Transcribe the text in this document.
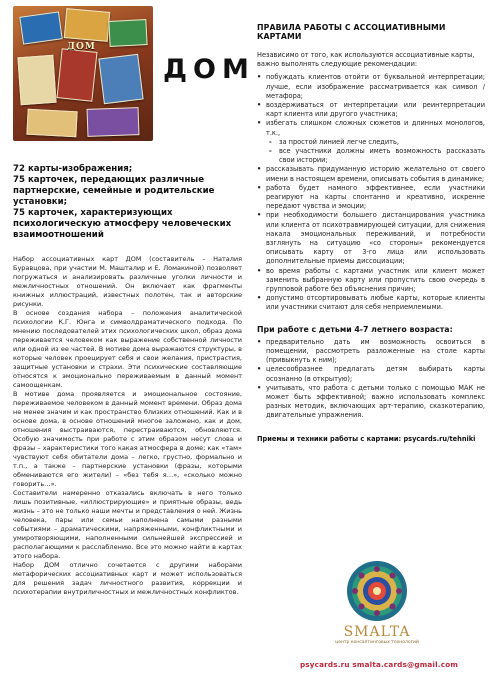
ДОМ
ДОМ

72 карты-изображения;

75 карточек, передающих различные партнерские, семейные и родительские установки;

75 карточек, характеризующих психологическую атмосферу человеческих взаимоотношений

Набор ассоциативных карт ДОМ (составитель – Наталия Буравцова, при участии М. Машталир и Е. Ломакиной) позволяет погружаться и анализировать различные уголки личности и межличностных отношений. Он включает как фрагменты книжных иллюстраций, известных полотен, так и авторские рисунки.

В основе создания набора – положения аналитической психологии К.Г. Юнга и символдраматического подхода. По мнению последователей этих психологических школ, образ дома переживается человеком как выражение собственной личности или одной из ее частей. В мотиве дома выражаются структуры, в которые человек проецирует себя и свои желания, пристрастия, защитные установки и страхи. Эти психические составляющие относятся к эмоционально переживаемым в данный момент самоощенкам.

В мотиве дома проявляется и эмоциональное состояние, переживаемое человеком в данный момент времени. Образ дома не менее значим и как пространство близких отношений. Как и в основе дома, в основе отношений многое заложено, как и дом, отношения выстраиваются, перестраиваются, обновляются. Особую значимость при работе с этим образом несут слова и фразы – характеристики того какая атмосфера в доме; как «там» чувствуют себя обитатели дома – легко, грустно, формально и т.п., а также – партнерские установки (фразы, которыми обмениваются его жители) – «без тебя я…», «сколько можно говорить…».

Составители намеренно отказались включать в него только лишь позитивные, «иллюстрирующие» и приятные образы, ведь жизнь – это не только наши мечты и представления о ней. Жизнь человека, пары или семьи наполнена самыми разными событиями – драматическими, напряженными, конфликтными и умиротворяющими, наполненными сильнейшей экспрессией и располагающими к расслаблению. Все это можно найти в картах этого набора.

Набор ДОМ отлично сочетается с другими наборами метафорических ассоциативных карт и может использоваться для решения задач личностного развития, коррекции и психотерапии внутриличностных и межличностных конфликтов.

ПРАВИЛА РАБОТЫ С АССОЦИАТИВНЫМИ КАРТАМИ
Независимо от того, как используются ассоциативные карты, важно выполнять следующие рекомендации:
• побуждать клиентов отойти от буквальной интерпретации; лучше, если изображение рассматривается как символ / метафора;
• воздерживаться от интерпретации или реинтерпретации карт клиента или другого участника;
• избегать слишком сложных сюжетов и длинных монологов, т.к.,
- за простой линией легче следить,
- все участники должны иметь возможность рассказать свои истории;
• рассказывать придуманную историю желательно от своего имени в настоящем времени, описывать события в динамике;
• работа будет намного эффективнее, если участники реагируют на карты спонтанно и креативно, искренне передают чувства и эмоции;
• при необходимости большего дистанцирования участника или клиента от психотравмирующей ситуации, для снижения накала эмоциональных переживаний, и потребности взглянуть на ситуацию «со стороны» рекомендуется описывать карту от 3-го лица или использовать дополнительные приемы диссоциации;
• во время работы с картами участник или клиент может заменить выбранную карту или пропустить свою очередь в групповой работе без объяснения причин;
• допустимо отсортировывать любые карты, которые клиенты или участники считают для себя неприемлемыми.
При работе с детьми 4-7 летнего возраста:
• предварительно дать им возможность освоиться в помещении, рассмотреть разложенные на столе карты (привыкнуть к ним);
• целесообразнее предлагать детям выбирать карты осознанно (в открытую);
• учитывать, что работа с детьми только с помощью МАК не может быть эффективной; важно использовать комплекс разных методик, включающих арт-терапию, сказкотерапию, двигательные упражнения.
Приемы и техники работы с картами: psycards.ru/tehniki
SMALTA
центр консалтинговых технологий
psycards.ru smalta.cards@gmail.com
